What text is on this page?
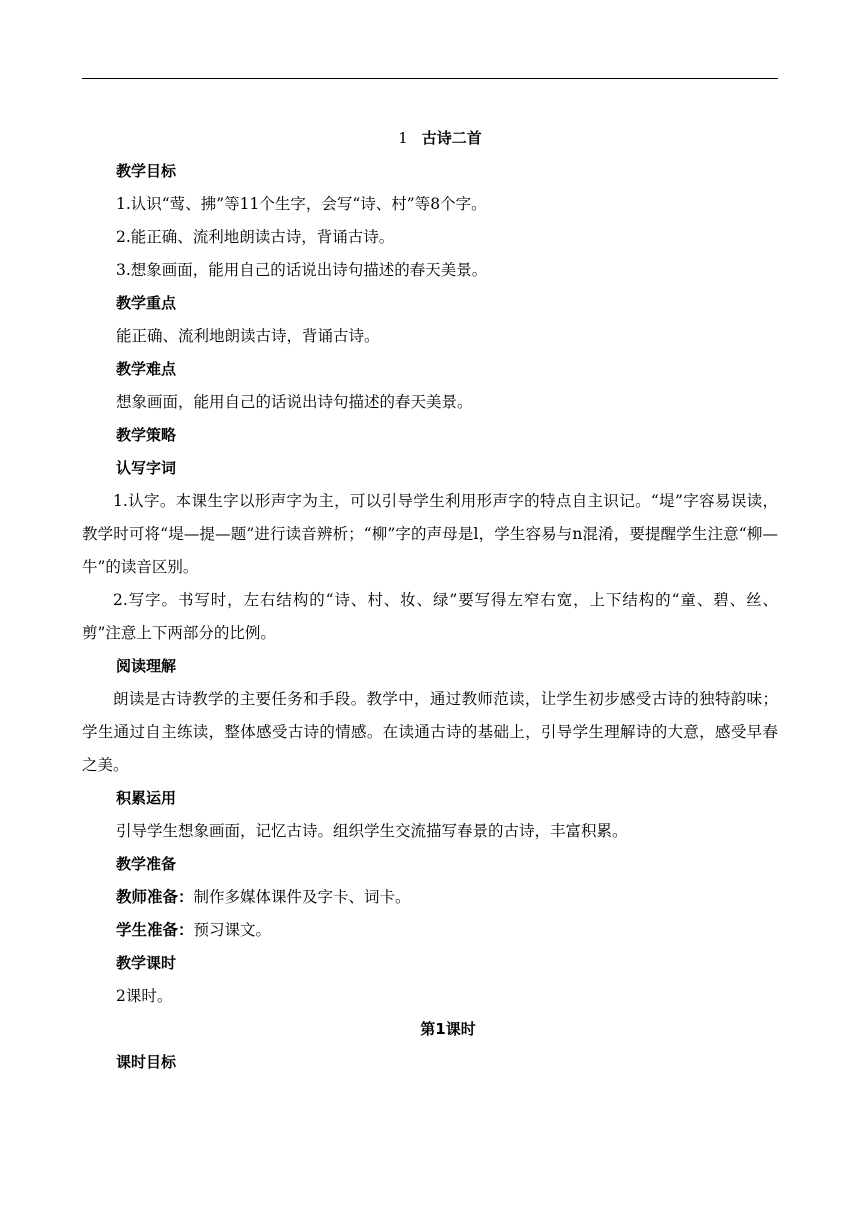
1 古诗二首
教学目标
1.认识“莺、拂”等11个生字，会写“诗、村”等8个字。
2.能正确、流利地朗读古诗，背诵古诗。
3.想象画面，能用自己的话说出诗句描述的春天美景。
教学重点
能正确、流利地朗读古诗，背诵古诗。
教学难点
想象画面，能用自己的话说出诗句描述的春天美景。
教学策略
认写字词
1.认字。本课生字以形声字为主，可以引导学生利用形声字的特点自主识记。“堤”字容易误读，教学时可将“堤—提—题”进行读音辨析；“柳”字的声母是l，学生容易与n混淆，要提醒学生注意“柳—牛”的读音区别。
2.写字。书写时，左右结构的“诗、村、妆、绿”要写得左窄右宽，上下结构的“童、碧、丝、剪”注意上下两部分的比例。
阅读理解
朗读是古诗教学的主要任务和手段。教学中，通过教师范读，让学生初步感受古诗的独特韵味；学生通过自主练读，整体感受古诗的情感。在读通古诗的基础上，引导学生理解诗的大意，感受早春之美。
积累运用
引导学生想象画面，记忆古诗。组织学生交流描写春景的古诗，丰富积累。
教学准备
教师准备：制作多媒体课件及字卡、词卡。
学生准备：预习课文。
教学课时
2课时。
第1课时
课时目标
